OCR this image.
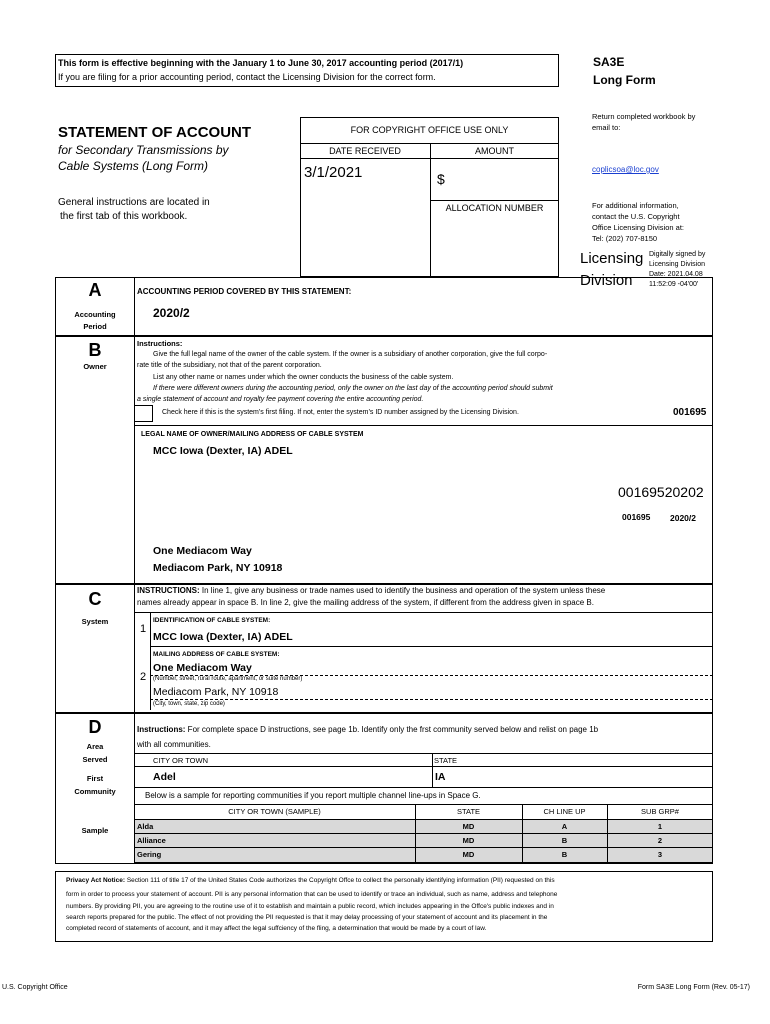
This form is effective beginning with the January 1 to June 30, 2017 accounting period (2017/1)
If you are filing for a prior accounting period, contact the Licensing Division for the correct form.
SA3E
Long Form
STATEMENT OF ACCOUNT
for Secondary Transmissions by
Cable Systems (Long Form)
General instructions are located in
the first tab of this workbook.
FOR COPYRIGHT OFFICE USE ONLY
DATE RECEIVED	AMOUNT
3/1/2021	$
ALLOCATION NUMBER
Return completed workbook by
email to:
coplicsoa@loc.gov
For additional information,
contact the U.S. Copyright
Office Licensing Division at:
Tel: (202) 707-8150
Licensing
Division
Digitally signed by
Licensing Division
Date: 2021.04.08
11:52:09 -04'00'
A
Accounting
Period
ACCOUNTING PERIOD COVERED BY THIS STATEMENT:
2020/2
B
Owner
Instructions:
Give the full legal name of the owner of the cable system. If the owner is a subsidiary of another corporation, give the full corpo-
rate title of the subsidiary, not that of the parent corporation.
List any other name or names under which the owner conducts the business of the cable system.
If there were different owners during the accounting period, only the owner on the last day of the accounting period should submit
a single statement of account and royalty fee payment covering the entire accounting period.
Check here if this is the system’s first filing. If not, enter the system’s ID number assigned by the Licensing Division.	001695
LEGAL NAME OF OWNER/MAILING ADDRESS OF CABLE SYSTEM
MCC Iowa (Dexter, IA) ADEL
00169520202
001695 2020/2
One Mediacom Way
Mediacom Park, NY 10918
C
System
INSTRUCTIONS: In line 1, give any business or trade names used to identify the business and operation of the system unless these
names already appear in space B. In line 2, give the mailing address of the system, if different from the address given in space B.
1
IDENTIFICATION OF CABLE SYSTEM:
MCC Iowa (Dexter, IA) ADEL
2
MAILING ADDRESS OF CABLE SYSTEM:
One Mediacom Way
(Number, street, rural route, apartment, or suite number)
Mediacom Park, NY 10918
(City, town, state, zip code)
D
Area
Served
First
Community
Sample
Instructions: For complete space D instructions, see page 1b. Identify only the frst community served below and relist on page 1b
with all communities.
CITY OR TOWN	STATE
Adel	IA
Below is a sample for reporting communities if you report multiple channel line-ups in Space G.
CITY OR TOWN (SAMPLE)	STATE	CH LINE UP	SUB GRP#
Alda	MD	A	1
Alliance	MD	B	2
Gering	MD	B	3
Privacy Act Notice: Section 111 of title 17 of the United States Code authorizes the Copyright Offce to collect the personally identifying information (PII) requested on this
form in order to process your statement of account. PII is any personal information that can be used to identify or trace an individual, such as name, address and telephone
numbers. By providing PII, you are agreeing to the routine use of it to establish and maintain a public record, which includes appearing in the Offce's public indexes and in
search reports prepared for the public. The effect of not providing the PII requested is that it may delay processing of your statement of account and its placement in the
completed record of statements of account, and it may affect the legal suffciency of the fling, a determination that would be made by a court of law.
U.S. Copyright Office	Form SA3E Long Form (Rev. 05-17)
